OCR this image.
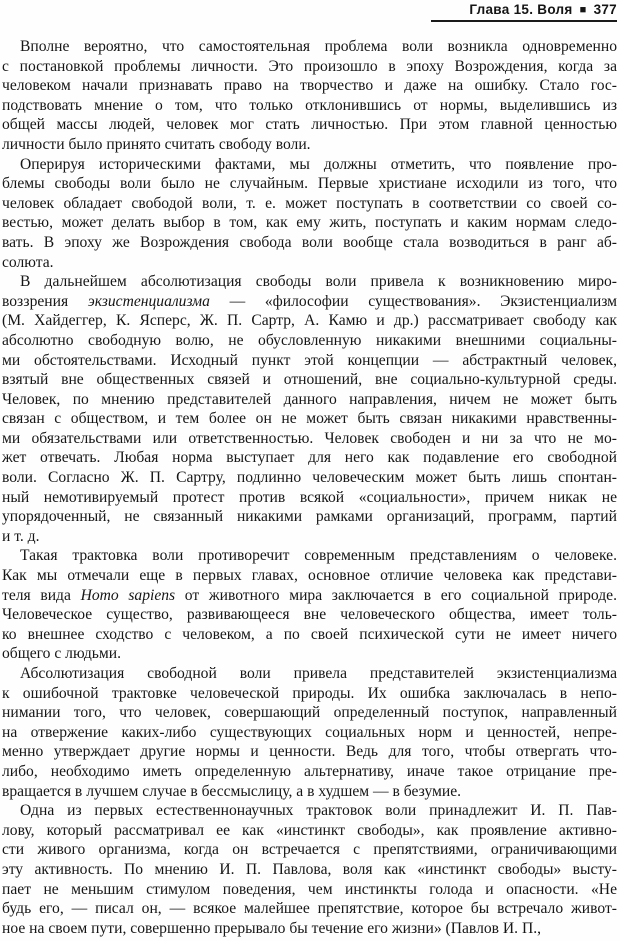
Глава 15. Воля ■ 377

Вполне вероятно, что самостоятельная проблема воли возникла одновременно
с постановкой проблемы личности. Это произошло в эпоху Возрождения, когда за
человеком начали признавать право на творчество и даже на ошибку. Стало гос-
подствовать мнение о том, что только отклонившись от нормы, выделившись из
общей массы людей, человек мог стать личностью. При этом главной ценностью
личности было принято считать свободу воли.

Оперируя историческими фактами, мы должны отметить, что появление про-
блемы свободы воли было не случайным. Первые христиане исходили из того, что
человек обладает свободой воли, т. е. может поступать в соответствии со своей со-
вестью, может делать выбор в том, как ему жить, поступать и каким нормам следо-
вать. В эпоху же Возрождения свобода воли вообще стала возводиться в ранг аб-
солюта.

В дальнейшем абсолютизация свободы воли привела к возникновению миро-
воззрения экзистенциализма — «философии существования». Экзистенциализм
(М. Хайдеггер, К. Ясперс, Ж. П. Сартр, А. Камю и др.) рассматривает свободу как
абсолютно свободную волю, не обусловленную никакими внешними социальны-
ми обстоятельствами. Исходный пункт этой концепции — абстрактный человек,
взятый вне общественных связей и отношений, вне социально-культурной среды.
Человек, по мнению представителей данного направления, ничем не может быть
связан с обществом, и тем более он не может быть связан никакими нравственны-
ми обязательствами или ответственностью. Человек свободен и ни за что не мо-
жет отвечать. Любая норма выступает для него как подавление его свободной
воли. Согласно Ж. П. Сартру, подлинно человеческим может быть лишь спонтан-
ный немотивируемый протест против всякой «социальности», причем никак не
упорядоченный, не связанный никакими рамками организаций, программ, партий
и т. д.

Такая трактовка воли противоречит современным представлениям о человеке.
Как мы отмечали еще в первых главах, основное отличие человека как представи-
теля вида Homo sapiens от животного мира заключается в его социальной природе.
Человеческое существо, развивающееся вне человеческого общества, имеет толь-
ко внешнее сходство с человеком, а по своей психической сути не имеет ничего
общего с людьми.

Абсолютизация свободной воли привела представителей экзистенциализма
к ошибочной трактовке человеческой природы. Их ошибка заключалась в непо-
нимании того, что человек, совершающий определенный поступок, направленный
на отвержение каких-либо существующих социальных норм и ценностей, непре-
менно утверждает другие нормы и ценности. Ведь для того, чтобы отвергать что-
либо, необходимо иметь определенную альтернативу, иначе такое отрицание пре-
вращается в лучшем случае в бессмыслицу, а в худшем — в безумие.

Одна из первых естественнонаучных трактовок воли принадлежит И. П. Пав-
лову, который рассматривал ее как «инстинкт свободы», как проявление активно-
сти живого организма, когда он встречается с препятствиями, ограничивающими
эту активность. По мнению И. П. Павлова, воля как «инстинкт свободы» высту-
пает не меньшим стимулом поведения, чем инстинкты голода и опасности. «Не
будь его, — писал он, — всякое малейшее препятствие, которое бы встречало живот-
ное на своем пути, совершенно прерывало бы течение его жизни» (Павлов И. П.,
